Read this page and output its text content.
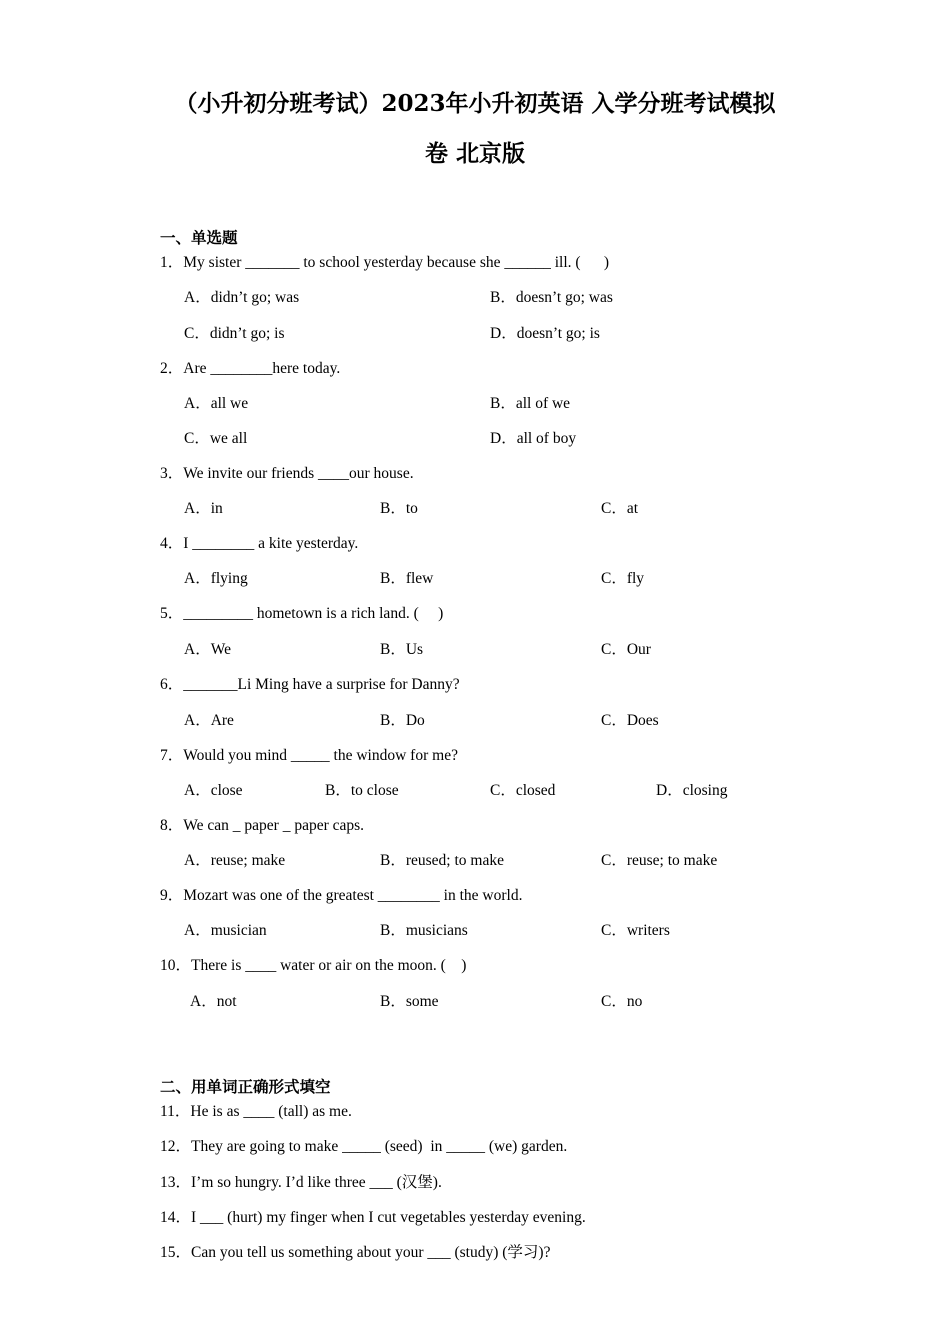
（小升初分班考试）2023年小升初英语 入学分班考试模拟
卷 北京版
一、单选题
1．My sister _______ to school yesterday because she ______ ill. (      )
A．didn’t go; was	B．doesn’t go; was
C．didn’t go; is	D．doesn’t go; is
2．Are ________here today.
A．all we	B．all of we
C．we all	D．all of boy
3．We invite our friends ____our house.
A．in	B．to	C．at
4．I ________ a kite yesterday.
A．flying	B．flew	C．fly
5．_________ hometown is a rich land. (     )
A．We	B．Us	C．Our
6．_______Li Ming have a surprise for Danny?
A．Are	B．Do	C．Does
7．Would you mind _____ the window for me?
A．close	B．to close	C．closed	D．closing
8．We can _ paper _ paper caps.
A．reuse; make	B．reused; to make	C．reuse; to make
9．Mozart was one of the greatest ________ in the world.
A．musician	B．musicians	C．writers
10．There is ____ water or air on the moon. (    )
A．not	B．some	C．no
二、用单词正确形式填空
11．He is as ____ (tall) as me.
12．They are going to make _____ (seed)  in _____ (we) garden.
13．I’m so hungry. I’d like three ___ (汉堡).
14．I ___ (hurt) my finger when I cut vegetables yesterday evening.
15．Can you tell us something about your ___ (study) (学习)?
